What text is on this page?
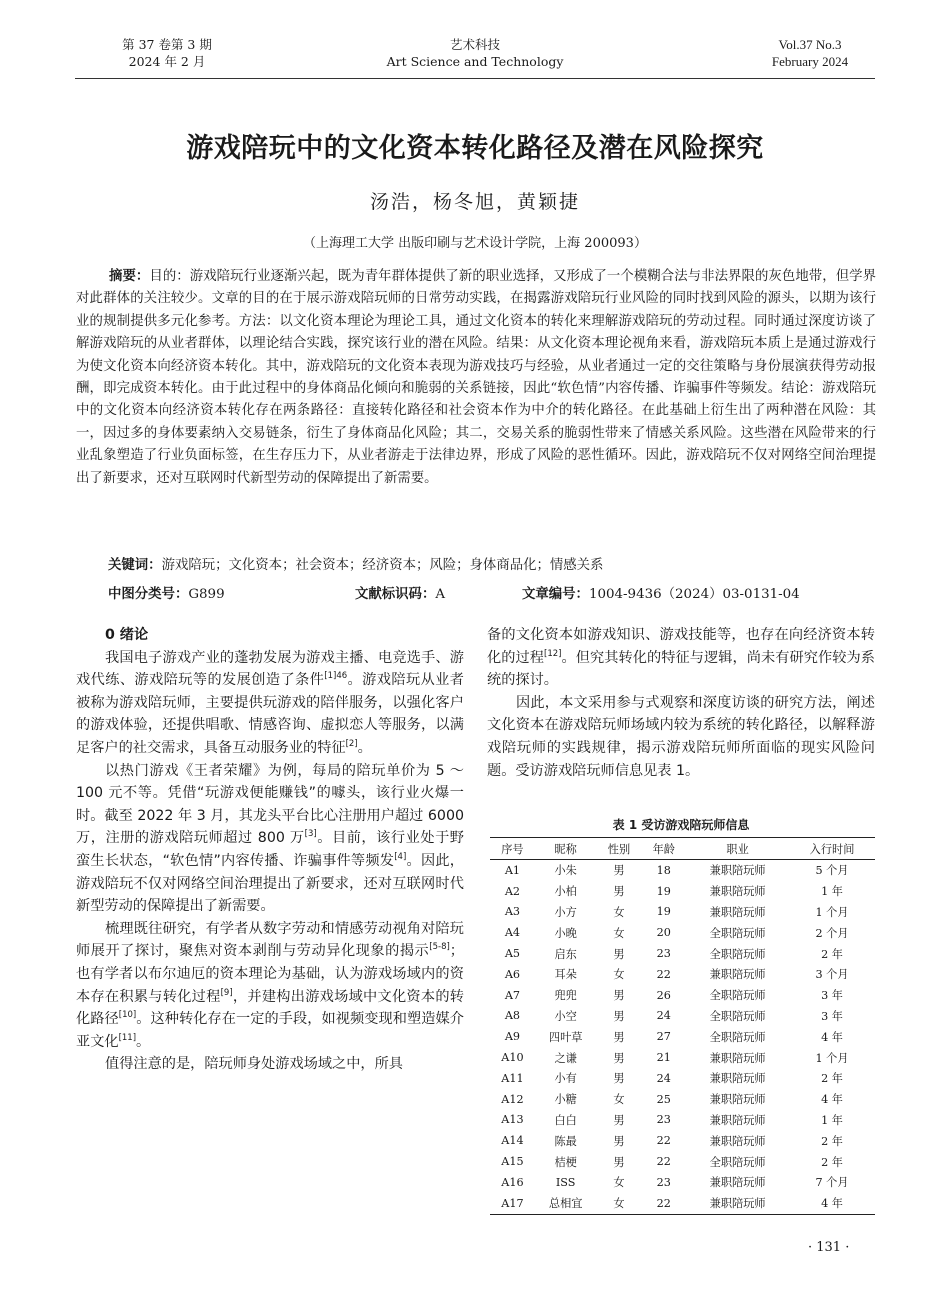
第 37 卷第 3 期
2024 年 2 月
艺术科技
Art Science and Technology
Vol.37 No.3
February 2024
游戏陪玩中的文化资本转化路径及潜在风险探究
汤浩，杨冬旭，黄颖捷
（上海理工大学 出版印刷与艺术设计学院，上海 200093）
摘要：目的：游戏陪玩行业逐渐兴起，既为青年群体提供了新的职业选择，又形成了一个模糊合法与非法界限的灰色地带，但学界对此群体的关注较少。文章的目的在于展示游戏陪玩师的日常劳动实践，在揭露游戏陪玩行业风险的同时找到风险的源头，以期为该行业的规制提供多元化参考。方法：以文化资本理论为理论工具，通过文化资本的转化来理解游戏陪玩的劳动过程。同时通过深度访谈了解游戏陪玩的从业者群体，以理论结合实践，探究该行业的潜在风险。结果：从文化资本理论视角来看，游戏陪玩本质上是通过游戏行为使文化资本向经济资本转化。其中，游戏陪玩的文化资本表现为游戏技巧与经验，从业者通过一定的交往策略与身份展演获得劳动报酬，即完成资本转化。由于此过程中的身体商品化倾向和脆弱的关系链接，因此“软色情”内容传播、诈骗事件等频发。结论：游戏陪玩中的文化资本向经济资本转化存在两条路径：直接转化路径和社会资本作为中介的转化路径。在此基础上衍生出了两种潜在风险：其一，因过多的身体要素纳入交易链条，衍生了身体商品化风险；其二，交易关系的脆弱性带来了情感关系风险。这些潜在风险带来的行业乱象塑造了行业负面标签，在生存压力下，从业者游走于法律边界，形成了风险的恶性循环。因此，游戏陪玩不仅对网络空间治理提出了新要求，还对互联网时代新型劳动的保障提出了新需要。
关键词：游戏陪玩；文化资本；社会资本；经济资本；风险；身体商品化；情感关系
中图分类号：G899	文献标识码：A	文章编号：1004-9436（2024）03-0131-04

0 绪论

我国电子游戏产业的蓬勃发展为游戏主播、电竞选手、游戏代练、游戏陪玩等的发展创造了条件$^{[1]46}$。游戏陪玩从业者被称为游戏陪玩师，主要提供玩游戏的陪伴服务，以强化客户的游戏体验，还提供唱歌、情感咨询、虚拟恋人等服务，以满足客户的社交需求，具备互动服务业的特征[2]。

以热门游戏《王者荣耀》为例，每局的陪玩单价为 5 ～ 100 元不等。凭借“玩游戏便能赚钱”的噱头，该行业火爆一时。截至 2022 年 3 月，其龙头平台比心注册用户超过 6000 万，注册的游戏陪玩师超过 800 万[3]。目前，该行业处于野蛮生长状态，“软色情”内容传播、诈骗事件等频发[4]。因此，游戏陪玩不仅对网络空间治理提出了新要求，还对互联网时代新型劳动的保障提出了新需要。

梳理既往研究，有学者从数字劳动和情感劳动视角对陪玩师展开了探讨，聚焦对资本剥削与劳动异化现象的揭示[5-8]；也有学者以布尔迪厄的资本理论为基础，认为游戏场域内的资本存在积累与转化过程[9]，并建构出游戏场域中文化资本的转化路径[10]。这种转化存在一定的手段，如视频变现和塑造媒介亚文化[11]。

值得注意的是，陪玩师身处游戏场域之中，所具

备的文化资本如游戏知识、游戏技能等，也存在向经济资本转化的过程[12]。但究其转化的特征与逻辑，尚未有研究作较为系统的探讨。

因此，本文采用参与式观察和深度访谈的研究方法，阐述文化资本在游戏陪玩师场域内较为系统的转化路径，以解释游戏陪玩师的实践规律，揭示游戏陪玩师所面临的现实风险问题。受访游戏陪玩师信息见表 1。

表 1 受访游戏陪玩师信息
序号	昵称	性别	年龄	职业	入行时间
A1	小朱	男	18	兼职陪玩师	5 个月
A2	小柏	男	19	兼职陪玩师	1 年
A3	小方	女	19	兼职陪玩师	1 个月
A4	小晚	女	20	全职陪玩师	2 个月
A5	启东	男	23	全职陪玩师	2 年
A6	耳朵	女	22	兼职陪玩师	3 个月
A7	兜兜	男	26	全职陪玩师	3 年
A8	小空	男	24	全职陪玩师	3 年
A9	四叶草	男	27	全职陪玩师	4 年
A10	之谦	男	21	兼职陪玩师	1 个月
A11	小有	男	24	兼职陪玩师	2 年
A12	小糖	女	25	兼职陪玩师	4 年
A13	白白	男	23	兼职陪玩师	1 年
A14	陈最	男	22	兼职陪玩师	2 年
A15	桔梗	男	22	全职陪玩师	2 年
A16	ISS	女	23	兼职陪玩师	7 个月
A17	总相宜	女	22	兼职陪玩师	4 年
· 131 ·
